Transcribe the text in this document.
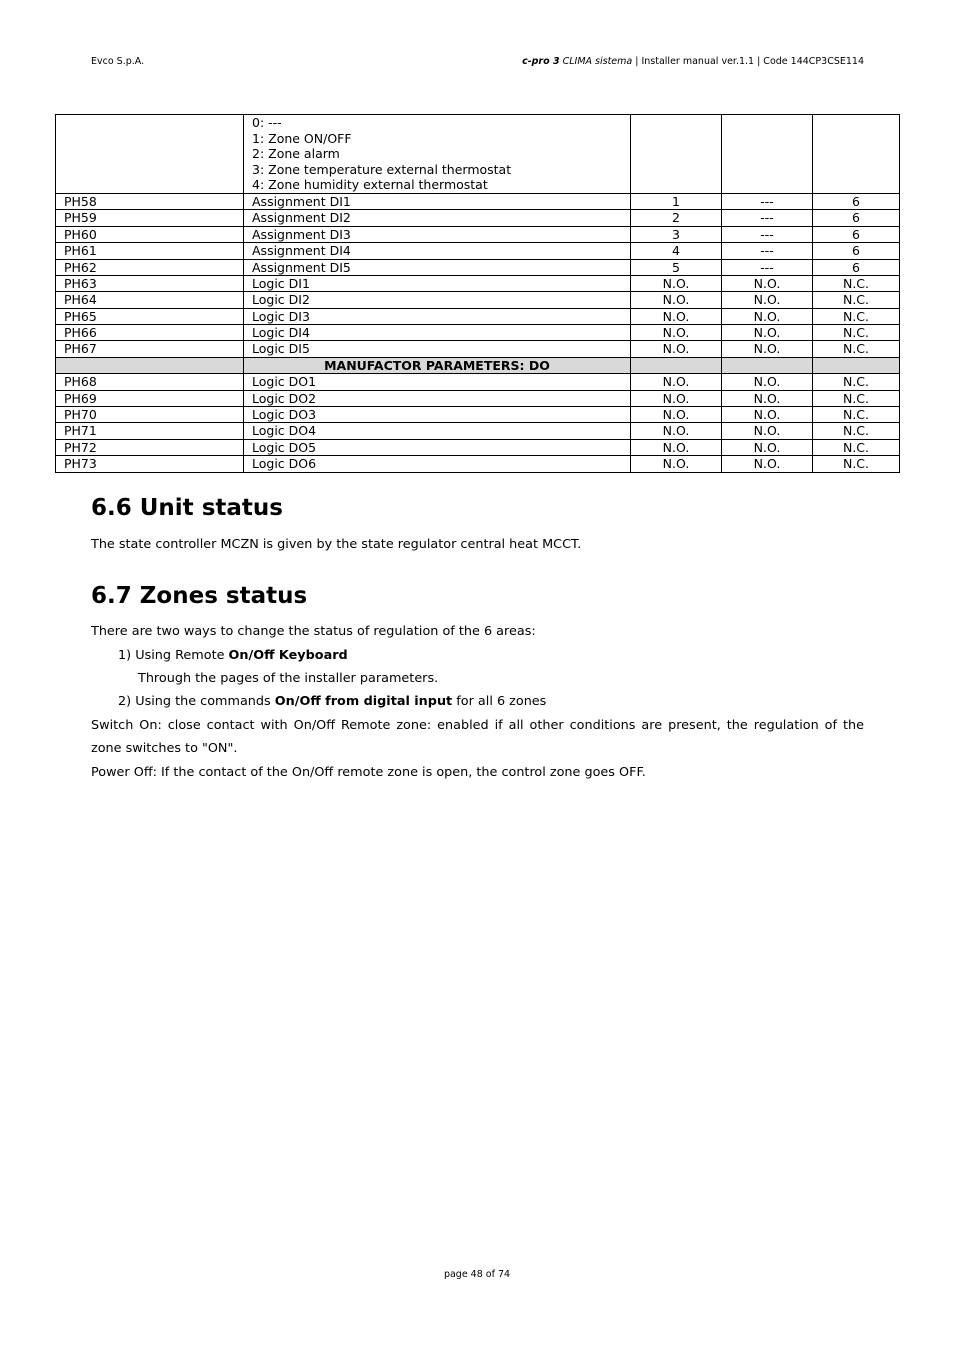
Evco S.p.A.	c-pro 3 CLIMA sistema | Installer manual ver.1.1 | Code 144CP3CSE114

	0: ---
1: Zone ON/OFF
2: Zone alarm
3: Zone temperature external thermostat
4: Zone humidity external thermostat			

PH58	Assignment DI1	1	---	6
PH59	Assignment DI2	2	---	6
PH60	Assignment DI3	3	---	6
PH61	Assignment DI4	4	---	6
PH62	Assignment DI5	5	---	6
PH63	Logic DI1	N.O.	N.O.	N.C.
PH64	Logic DI2	N.O.	N.O.	N.C.
PH65	Logic DI3	N.O.	N.O.	N.C.
PH66	Logic DI4	N.O.	N.O.	N.C.
PH67	Logic DI5	N.O.	N.O.	N.C.
	MANUFACTOR PARAMETERS: DO			
PH68	Logic DO1	N.O.	N.O.	N.C.
PH69	Logic DO2	N.O.	N.O.	N.C.
PH70	Logic DO3	N.O.	N.O.	N.C.
PH71	Logic DO4	N.O.	N.O.	N.C.
PH72	Logic DO5	N.O.	N.O.	N.C.
PH73	Logic DO6	N.O.	N.O.	N.C.
6.6 Unit status
The state controller MCZN is given by the state regulator central heat MCCT.
6.7 Zones status
There are two ways to change the status of regulation of the 6 areas:
1) Using Remote On/Off Keyboard
Through the pages of the installer parameters.
2) Using the commands On/Off from digital input for all 6 zones
Switch On: close contact with On/Off Remote zone: enabled if all other conditions are present, the regulation of the
zone switches to "ON".
Power Off: If the contact of the On/Off remote zone is open, the control zone goes OFF.
page 48 of 74
